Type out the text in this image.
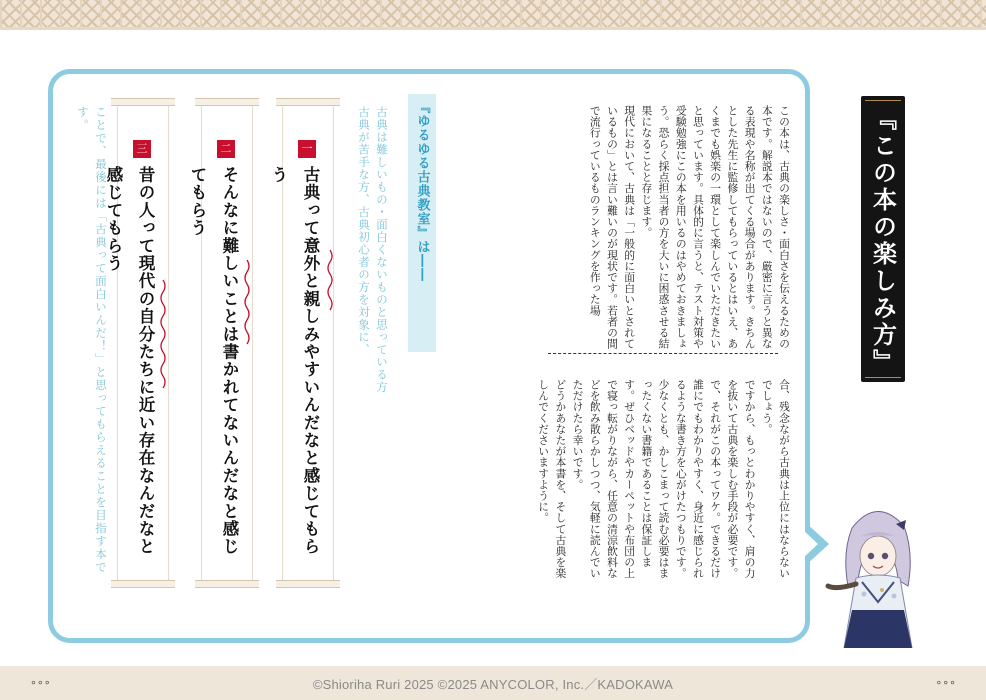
『この本の楽しみ方』
この本は、古典の楽しさ・面白さを伝えるための本です。解説本ではないので、厳密に言うと異なる表現や名称が出てくる場合があります。きちんとした先生に監修してもらっているとはいえ、あくまでも娯楽の一環として楽しんでいただきたいと思っています。具体的に言うと、テスト対策や受験勉強にこの本を用いるのはやめておきましょう。恐らく採点担当者の方を大いに困惑させる結果になることと存じます。
現代において、古典は「一般的に面白いとされているもの」とは言い難いのが現状です。若者の間で流行っているものランキングを作った場
合、残念ながら古典は上位にはならないでしょう。
ですから、もっとわかりやすく、肩の力を抜いて古典を楽しむ手段が必要です。で、それがこの本ってワケ。できるだけ誰にでもわかりやすく、身近に感じられるような書き方を心がけたつもりです。少なくとも、かしこまって読む必要はまったくない書籍であることは保証します。ぜひベッドやカーペットや布団の上で寝っ転がりながら、任意の清涼飲料などを飲み散らかしつつ、気軽に読んでいただけたら幸いです。
どうかあなたが本書を、そして古典を楽しんでくださいますように。
『ゆるゆる古典教室』は――
古典は難しいもの・面白くないものと思っている方　古典が苦手な方、古典初心者の方を対象に、
一
古典って意外と親しみやすいんだなと感じてもらう
二
そんなに難しいことは書かれてないんだなと感じてもらう
三
昔の人って現代の自分たちに近い存在なんだなと感じてもらう
ことで、最後には「古典って面白いんだ！」と思ってもらえることを目指す本です。
∘∘∘	©Shioriha Ruri 2025 ©2025 ANYCOLOR, Inc.／KADOKAWA	∘∘∘
